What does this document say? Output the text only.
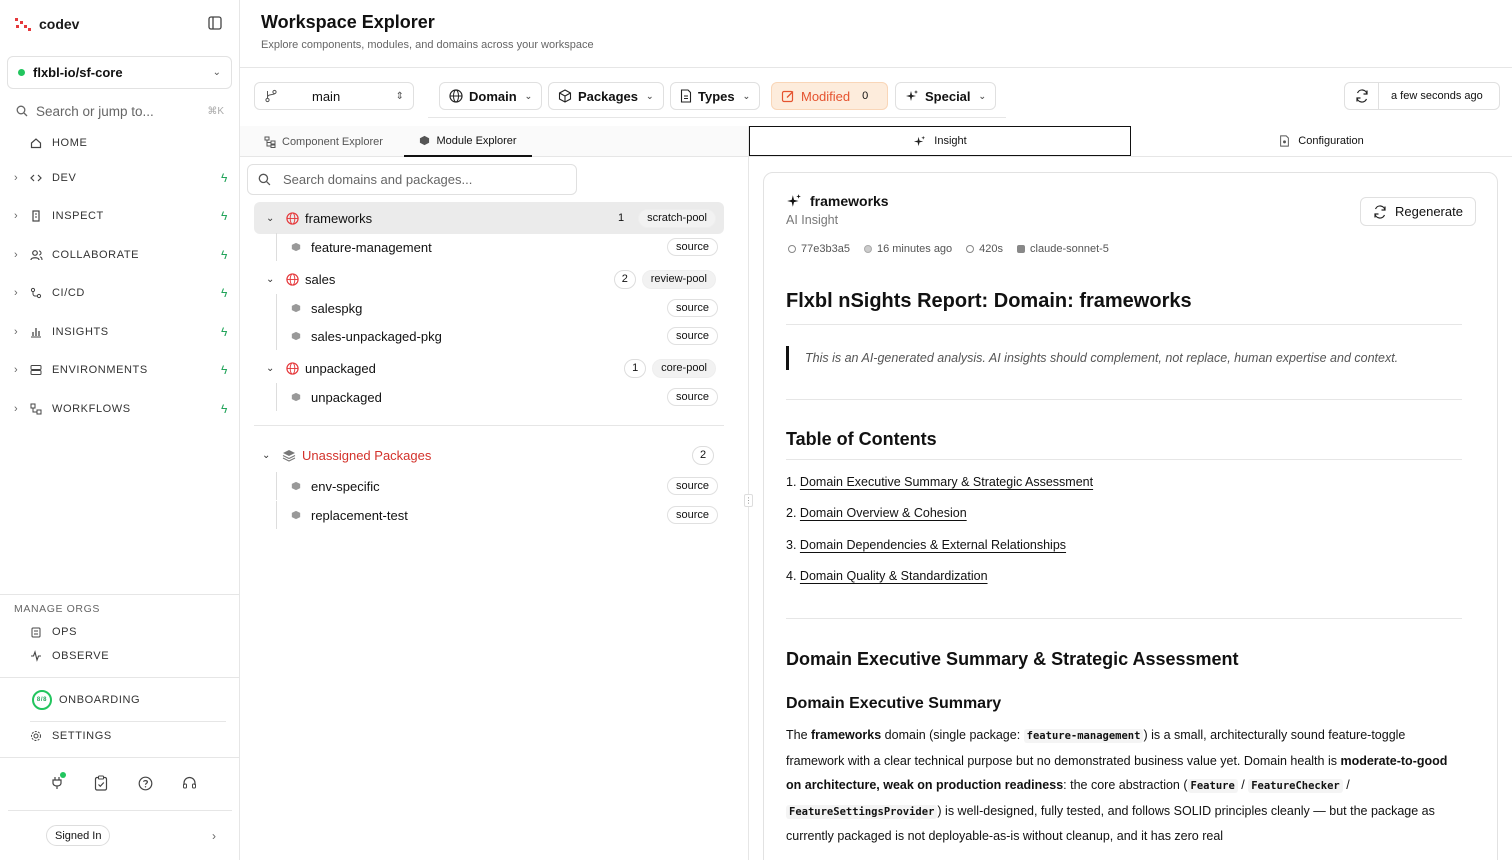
codev
flxbl-io/sf-core	⌄
Search or jump to...	⌘K
HOME
›	DEV	ϟ
›	INSPECT	ϟ
›	COLLABORATE	ϟ
›	CI/CD	ϟ
›	INSIGHTS	ϟ
›	ENVIRONMENTS	ϟ
›	WORKFLOWS	ϟ
MANAGE ORGS
OPS
OBSERVE
8/8	ONBOARDING
SETTINGS
Signed In	›
Workspace Explorer
Explore components, modules, and domains across your workspace
main	⇕	Domain ⌄	Packages ⌄	Types ⌄	Modified 0	Special ⌄	a few seconds ago
Component Explorer	Module Explorer
Search domains and packages...
⌄	frameworks	1	scratch-pool
feature-management	source
⌄	sales	2	review-pool
salespkg	source
sales-unpackaged-pkg	source
⌄	unpackaged	1	core-pool
unpackaged	source
⌄	Unassigned Packages	2
env-specific	source
replacement-test	source
⋮
Insight	Configuration
frameworks
AI Insight
Regenerate
77e3b3a5 16 minutes ago 420s claude-sonnet-5
Flxbl nSights Report: Domain: frameworks
This is an AI-generated analysis. AI insights should complement, not replace, human expertise and context.
Table of Contents
1. Domain Executive Summary & Strategic Assessment
2. Domain Overview & Cohesion
3. Domain Dependencies & External Relationships
4. Domain Quality & Standardization
Domain Executive Summary & Strategic Assessment
Domain Executive Summary

The frameworks domain (single package: feature-management ) is a small, architecturally sound feature-toggle framework with a clear technical purpose but no demonstrated business value yet. Domain health is moderate-to-good on architecture, weak on production readiness: the core abstraction ( Feature / FeatureChecker / FeatureSettingsProvider ) is well-designed, fully tested, and follows SOLID principles cleanly — but the package as currently packaged is not deployable-as-is without cleanup, and it has zero real
